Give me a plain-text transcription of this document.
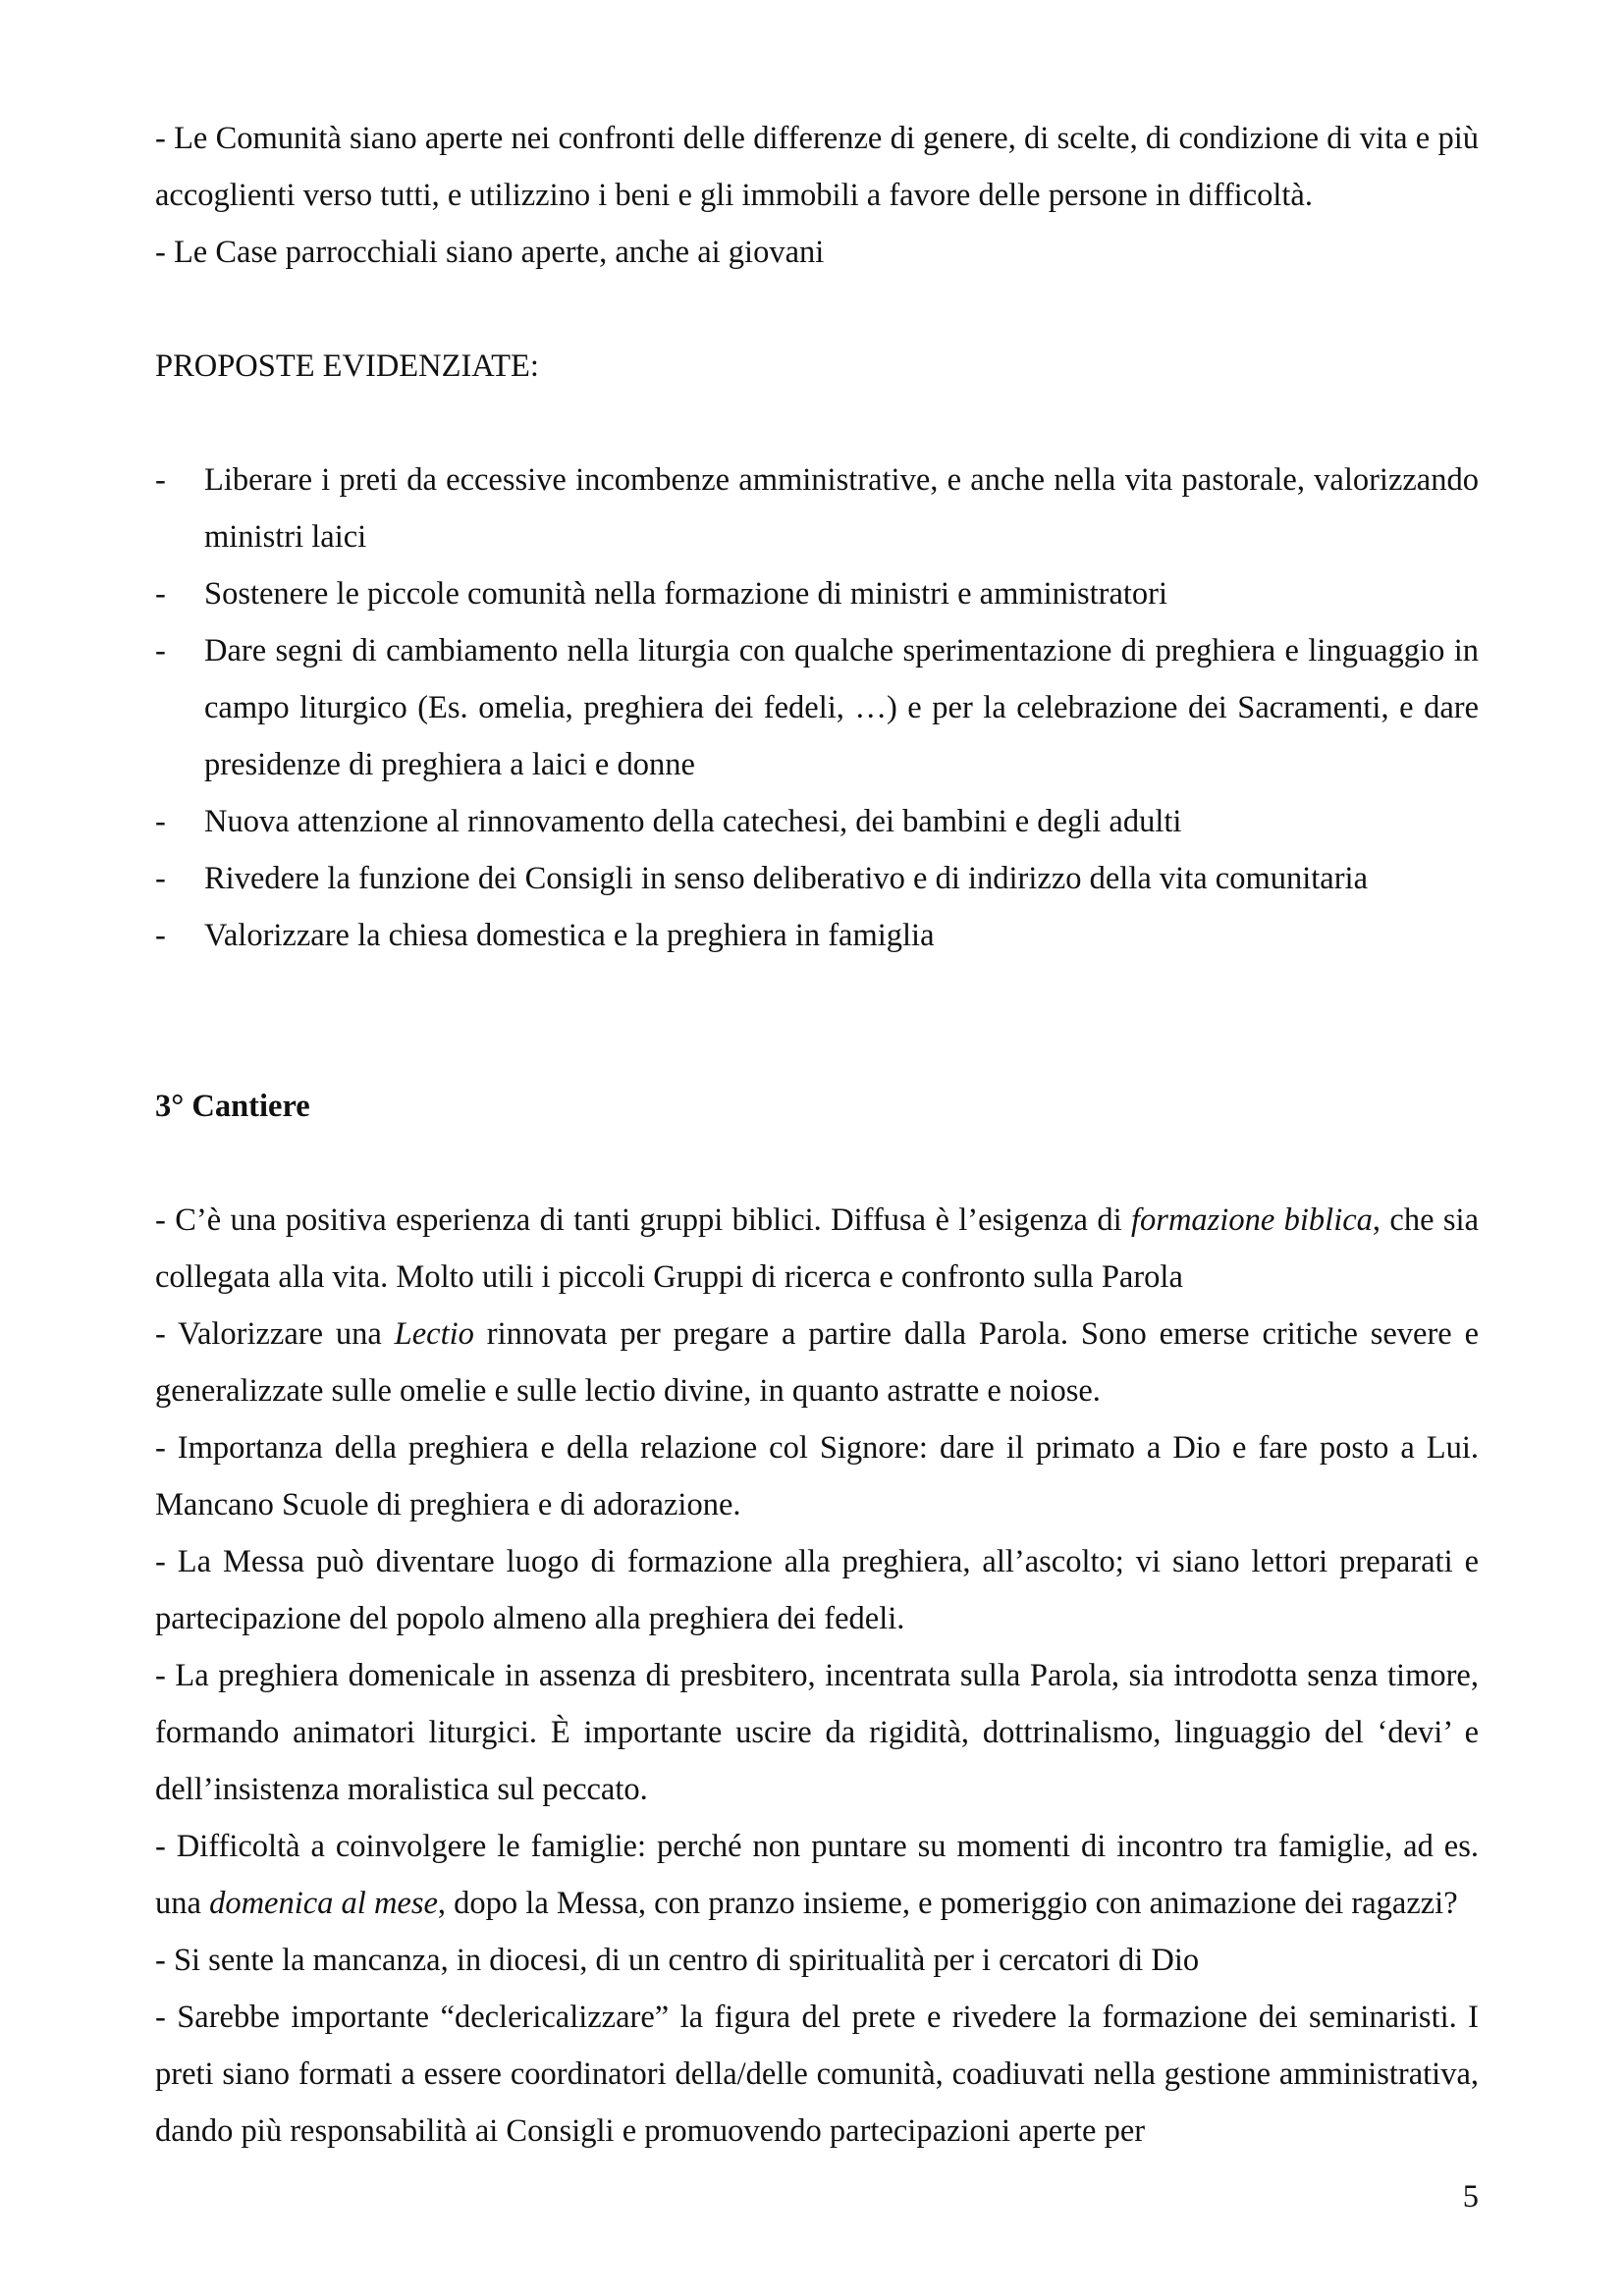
- Le Comunità siano aperte nei confronti delle differenze di genere, di scelte, di condizione di vita e più accoglienti verso tutti, e utilizzino i beni e gli immobili a favore delle persone in difficoltà.

- Le Case parrocchiali siano aperte, anche ai giovani

PROPOSTE EVIDENZIATE:

-	Liberare i preti da eccessive incombenze amministrative, e anche nella vita pastorale, valorizzando ministri laici
-	Sostenere le piccole comunità nella formazione di ministri e amministratori
-	Dare segni di cambiamento nella liturgia con qualche sperimentazione di preghiera e linguaggio in campo liturgico (Es. omelia, preghiera dei fedeli, …) e per la celebrazione dei Sacramenti, e dare presidenze di preghiera a laici e donne
-	Nuova attenzione al rinnovamento della catechesi, dei bambini e degli adulti
-	Rivedere la funzione dei Consigli in senso deliberativo e di indirizzo della vita comunitaria
-	Valorizzare la chiesa domestica e la preghiera in famiglia

3° Cantiere

- C’è una positiva esperienza di tanti gruppi biblici. Diffusa è l’esigenza di formazione biblica, che sia collegata alla vita. Molto utili i piccoli Gruppi di ricerca e confronto sulla Parola

- Valorizzare una Lectio rinnovata per pregare a partire dalla Parola. Sono emerse critiche severe e generalizzate sulle omelie e sulle lectio divine, in quanto astratte e noiose.

- Importanza della preghiera e della relazione col Signore: dare il primato a Dio e fare posto a Lui. Mancano Scuole di preghiera e di adorazione.

- La Messa può diventare luogo di formazione alla preghiera, all’ascolto; vi siano lettori preparati e partecipazione del popolo almeno alla preghiera dei fedeli.

- La preghiera domenicale in assenza di presbitero, incentrata sulla Parola, sia introdotta senza timore, formando animatori liturgici. È importante uscire da rigidità, dottrinalismo, linguaggio del ‘devi’ e dell’insistenza moralistica sul peccato.

- Difficoltà a coinvolgere le famiglie: perché non puntare su momenti di incontro tra famiglie, ad es. una domenica al mese, dopo la Messa, con pranzo insieme, e pomeriggio con animazione dei ragazzi?

- Si sente la mancanza, in diocesi, di un centro di spiritualità per i cercatori di Dio

- Sarebbe importante “declericalizzare” la figura del prete e rivedere la formazione dei seminaristi. I preti siano formati a essere coordinatori della/delle comunità, coadiuvati nella gestione amministrativa, dando più responsabilità ai Consigli e promuovendo partecipazioni aperte per

5
